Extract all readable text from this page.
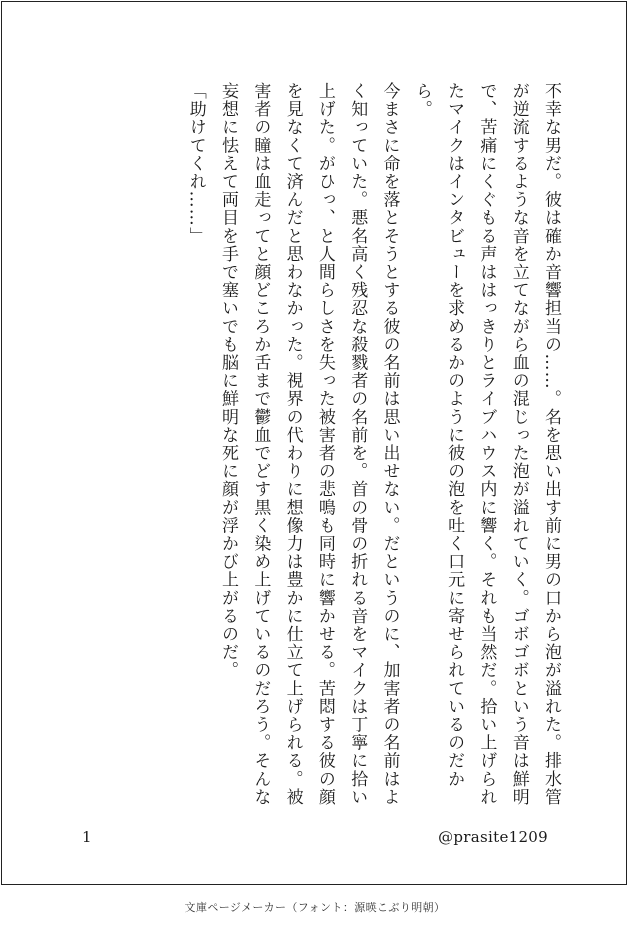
不幸な男だ。彼は確か音響担当の……。名を思い出す前に男の口から泡が溢れた。排水管が逆流するような音を立てながら血の混じった泡が溢れていく。ゴボゴボという音は鮮明で、苦痛にくぐもる声ははっきりとライブハウス内に響く。それも当然だ。拾い上げられたマイクはインタビューを求めるかのように彼の泡を吐く口元に寄せられているのだから。

今まさに命を落とそうとする彼の名前は思い出せない。だというのに、加害者の名前はよく知っていた。悪名高く残忍な殺戮者の名前を。首の骨の折れる音をマイクは丁寧に拾い上げた。がひっ、と人間らしさを失った被害者の悲鳴も同時に響かせる。苦悶する彼の顔を見なくて済んだと思わなかった。視界の代わりに想像力は豊かに仕立て上げられる。被害者の瞳は血走ってと顔どころか舌まで鬱血でどす黒く染め上げているのだろう。そんな妄想に怯えて両目を手で塞いでも脳に鮮明な死に顔が浮かび上がるのだ。

「助けてくれ……」

1	@prasite1209
文庫ページメーカー（フォント：源暎こぶり明朝）
